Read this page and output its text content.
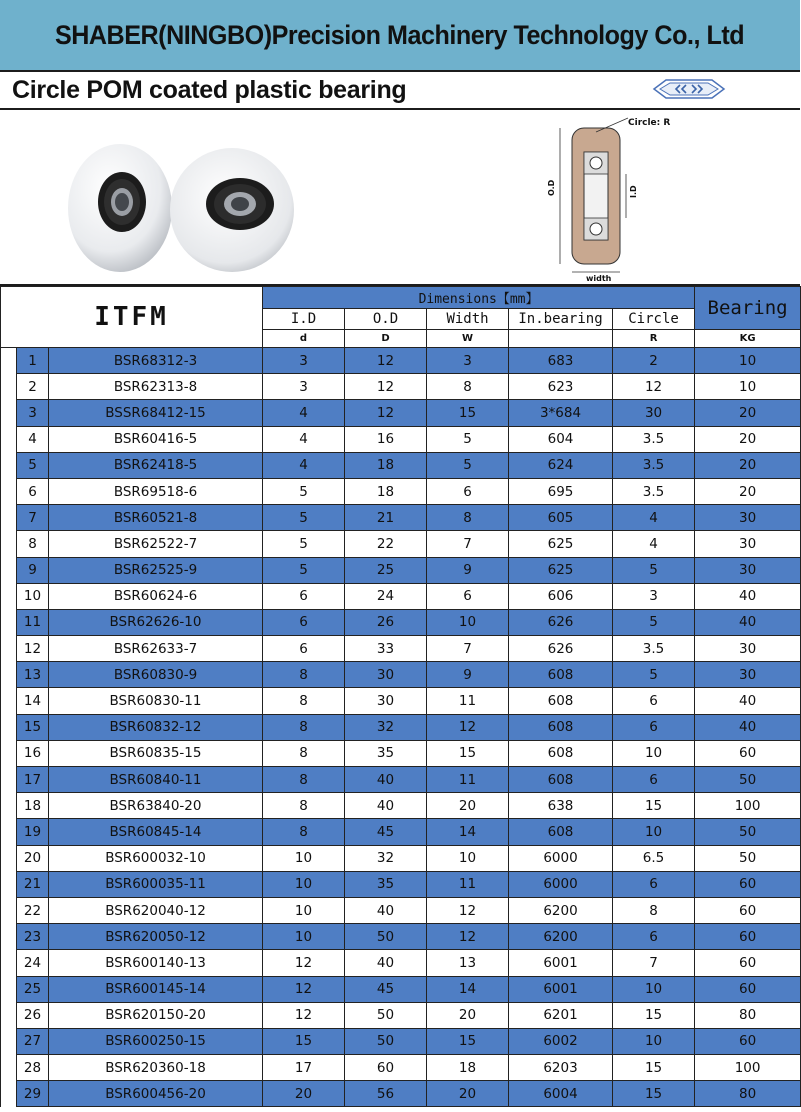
SHABER(NINGBO)Precision Machinery Technology Co., Ltd
Circle POM coated plastic bearing
Circle: R
O.D	I.D
width
ITFM			Dimensions【mm】					Bearing
			I.D	O.D	Width	In.bearing	Circle	
			d	D	W		R	KG
	1	BSR68312-3	3	12	3	683	2	10
	2	BSR62313-8	3	12	8	623	12	10
	3	BSSR68412-15	4	12	15	3*684	30	20
	4	BSR60416-5	4	16	5	604	3.5	20
	5	BSR62418-5	4	18	5	624	3.5	20
	6	BSR69518-6	5	18	6	695	3.5	20
	7	BSR60521-8	5	21	8	605	4	30
	8	BSR62522-7	5	22	7	625	4	30
	9	BSR62525-9	5	25	9	625	5	30
	10	BSR60624-6	6	24	6	606	3	40
	11	BSR62626-10	6	26	10	626	5	40
	12	BSR62633-7	6	33	7	626	3.5	30
	13	BSR60830-9	8	30	9	608	5	30
	14	BSR60830-11	8	30	11	608	6	40
	15	BSR60832-12	8	32	12	608	6	40
	16	BSR60835-15	8	35	15	608	10	60
	17	BSR60840-11	8	40	11	608	6	50
	18	BSR63840-20	8	40	20	638	15	100
	19	BSR60845-14	8	45	14	608	10	50
	20	BSR600032-10	10	32	10	6000	6.5	50
	21	BSR600035-11	10	35	11	6000	6	60
	22	BSR620040-12	10	40	12	6200	8	60
	23	BSR620050-12	10	50	12	6200	6	60
	24	BSR600140-13	12	40	13	6001	7	60
	25	BSR600145-14	12	45	14	6001	10	60
	26	BSR620150-20	12	50	20	6201	15	80
	27	BSR600250-15	15	50	15	6002	10	60
	28	BSR620360-18	17	60	18	6203	15	100
	29	BSR600456-20	20	56	20	6004	15	80
